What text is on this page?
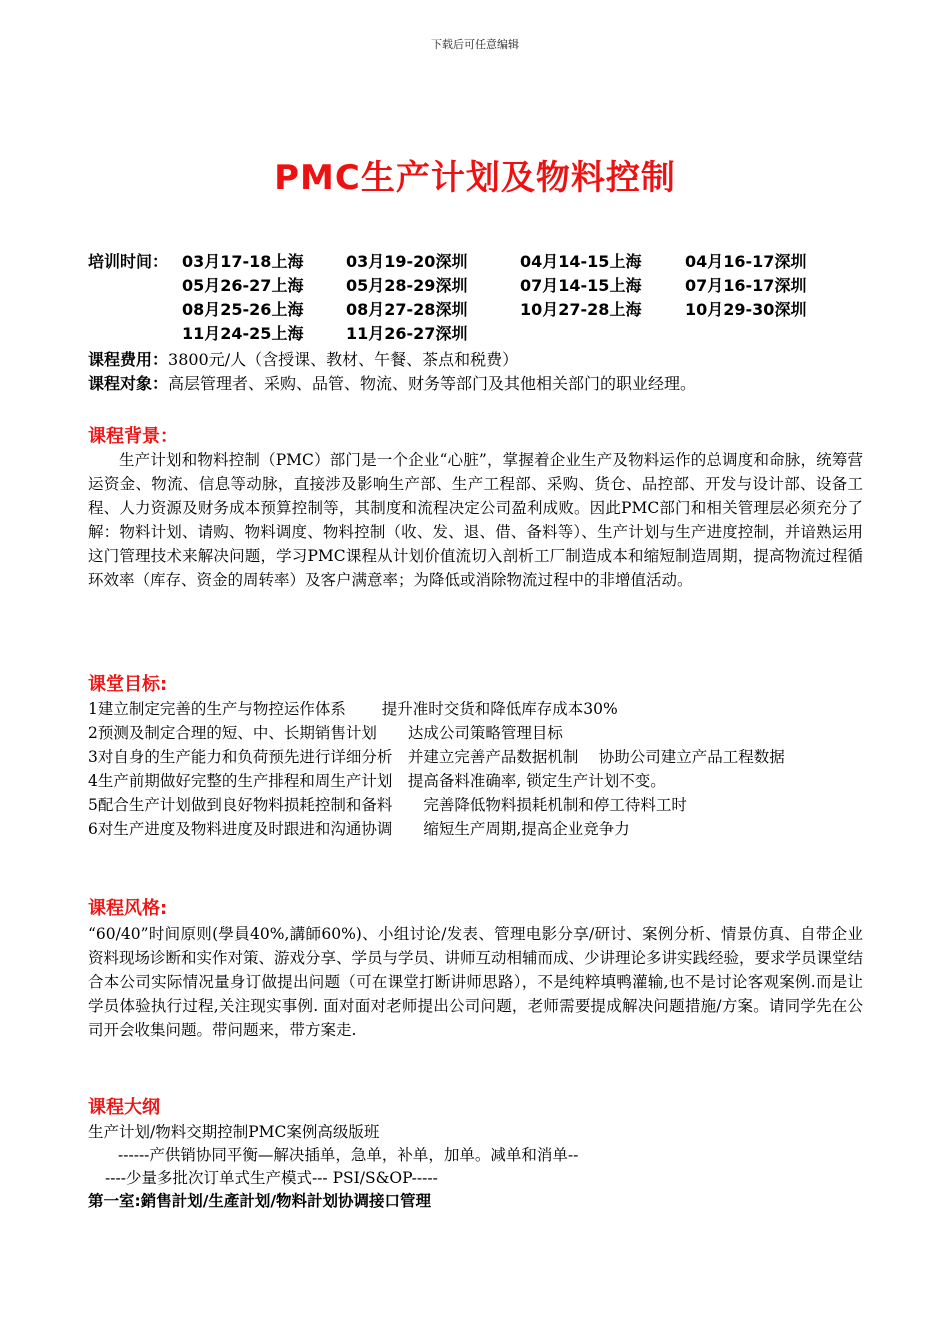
下载后可任意编辑
PMC生产计划及物料控制
培训时间： 03月17-18上海	03月19-20深圳	04月14-15上海	04月16-17深圳
05月26-27上海	05月28-29深圳	07月14-15上海	07月16-17深圳
08月25-26上海	08月27-28深圳	10月27-28上海	10月29-30深圳
11月24-25上海	11月26-27深圳
课程费用：3800元/人（含授课、教材、午餐、茶点和税费）
课程对象：高层管理者、采购、品管、物流、财务等部门及其他相关部门的职业经理。
课程背景：
生产计划和物料控制（PMC）部门是一个企业“心脏”，掌握着企业生产及物料运作的总调度和命脉，统筹营运资金、物流、信息等动脉，直接涉及影响生产部、生产工程部、采购、货仓、品控部、开发与设计部、设备工程、人力资源及财务成本预算控制等，其制度和流程决定公司盈利成败。因此PMC部门和相关管理层必须充分了解：物料计划、请购、物料调度、物料控制（收、发、退、借、备料等）、生产计划与生产进度控制，并谙熟运用这门管理技术来解决问题，学习PMC课程从计划价值流切入剖析工厂制造成本和缩短制造周期，提高物流过程循环效率（库存、资金的周转率）及客户满意率；为降低或消除物流过程中的非增值活动。
课堂目标:
1建立制定完善的生产与物控运作体系　　 提升准时交货和降低库存成本30%
2预测及制定合理的短、中、长期销售计划　　达成公司策略管理目标
3对自身的生产能力和负荷预先进行详细分析　并建立完善产品数据机制　 协助公司建立产品工程数据
4生产前期做好完整的生产排程和周生产计划　提高备料准确率, 锁定生产计划不变。
5配合生产计划做到良好物料损耗控制和备料　　完善降低物料损耗机制和停工待料工时
6对生产进度及物料进度及时跟进和沟通协调　　缩短生产周期,提高企业竞争力
课程风格:
“60/40”时间原则(學員40%,講師60%)、小组讨论/发表、管理电影分享/研讨、案例分析、情景仿真、自带企业资料现场诊断和实作对策、游戏分享、学员与学员、讲师互动相辅而成、少讲理论多讲实践经验，要求学员课堂结合本公司实际情况量身订做提出问题（可在课堂打断讲师思路），不是纯粹填鸭灌输,也不是讨论客观案例.而是让学员体验执行过程,关注现实事例. 面对面对老师提出公司问题，老师需要提成解决问题措施/方案。请同学先在公司开会收集问题。带问题来，带方案走.
课程大纲
生产计划/物料交期控制PMC案例高级版班
------产供销协同平衡—解决插单，急单，补单，加单。减单和消单--
----少量多批次订单式生产模式--- PSI/S&OP-----
第一室:銷售計划/生產計划/物料計划协调接口管理
